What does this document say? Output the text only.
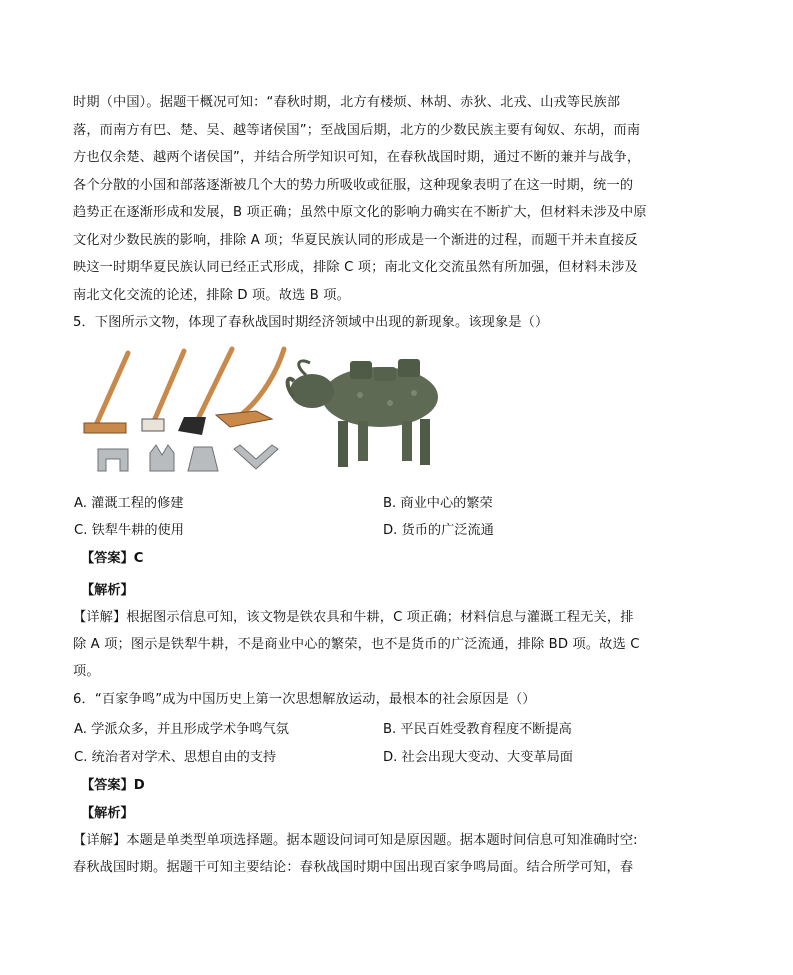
时期（中国）。据题干概况可知：“春秋时期，北方有楼烦、林胡、赤狄、北戎、山戎等民族部
落，而南方有巴、楚、吴、越等诸侯国”；至战国后期，北方的少数民族主要有匈奴、东胡，而南
方也仅余楚、越两个诸侯国”，并结合所学知识可知，在春秋战国时期，通过不断的兼并与战争，
各个分散的小国和部落逐渐被几个大的势力所吸收或征服，这种现象表明了在这一时期，统一的
趋势正在逐渐形成和发展，B 项正确；虽然中原文化的影响力确实在不断扩大，但材料未涉及中原
文化对少数民族的影响，排除 A 项；华夏民族认同的形成是一个渐进的过程，而题干并未直接反
映这一时期华夏民族认同已经正式形成，排除 C 项；南北文化交流虽然有所加强，但材料未涉及
南北文化交流的论述，排除 D 项。故选 B 项。
5．下图所示文物，体现了春秋战国时期经济领域中出现的新现象。该现象是（）
A. 灌溉工程的修建	B. 商业中心的繁荣
C. 铁犁牛耕的使用	D. 货币的广泛流通
【答案】C
【解析】
【详解】根据图示信息可知，该文物是铁农具和牛耕，C 项正确；材料信息与灌溉工程无关，排
除 A 项；图示是铁犁牛耕，不是商业中心的繁荣，也不是货币的广泛流通，排除 BD 项。故选 C
项。
6．“百家争鸣”成为中国历史上第一次思想解放运动，最根本的社会原因是（）
A. 学派众多，并且形成学术争鸣气氛	B. 平民百姓受教育程度不断提高
C. 统治者对学术、思想自由的支持	D. 社会出现大变动、大变革局面
【答案】D
【解析】
【详解】本题是单类型单项选择题。据本题设问词可知是原因题。据本题时间信息可知准确时空:
春秋战国时期。据题干可知主要结论：春秋战国时期中国出现百家争鸣局面。结合所学可知，春
